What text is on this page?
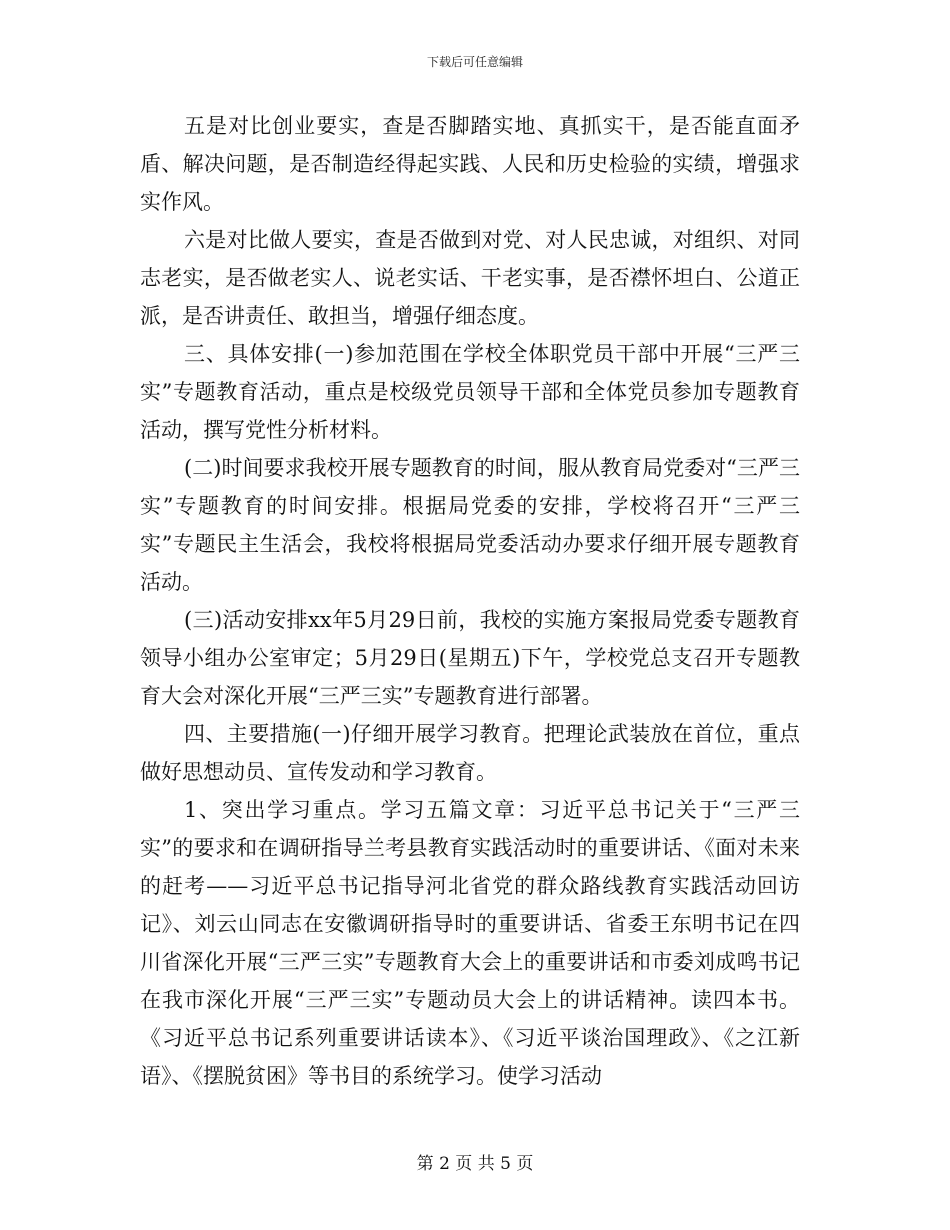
下载后可任意编辑

五是对比创业要实，查是否脚踏实地、真抓实干，是否能直面矛盾、解决问题，是否制造经得起实践、人民和历史检验的实绩，增强求实作风。

六是对比做人要实，查是否做到对党、对人民忠诚，对组织、对同志老实，是否做老实人、说老实话、干老实事，是否襟怀坦白、公道正派，是否讲责任、敢担当，增强仔细态度。

三、具体安排(一)参加范围在学校全体职党员干部中开展“三严三实”专题教育活动，重点是校级党员领导干部和全体党员参加专题教育活动，撰写党性分析材料。

(二)时间要求我校开展专题教育的时间，服从教育局党委对“三严三实”专题教育的时间安排。根据局党委的安排，学校将召开“三严三实”专题民主生活会，我校将根据局党委活动办要求仔细开展专题教育活动。

(三)活动安排xx年5月29日前，我校的实施方案报局党委专题教育领导小组办公室审定；5月29日(星期五)下午，学校党总支召开专题教育大会对深化开展“三严三实”专题教育进行部署。

四、主要措施(一)仔细开展学习教育。把理论武装放在首位，重点做好思想动员、宣传发动和学习教育。

1、突出学习重点。学习五篇文章：习近平总书记关于“三严三实”的要求和在调研指导兰考县教育实践活动时的重要讲话、《面对未来的赶考——习近平总书记指导河北省党的群众路线教育实践活动回访记》、刘云山同志在安徽调研指导时的重要讲话、省委王东明书记在四川省深化开展“三严三实”专题教育大会上的重要讲话和市委刘成鸣书记在我市深化开展“三严三实”专题动员大会上的讲话精神。读四本书。《习近平总书记系列重要讲话读本》、《习近平谈治国理政》、《之江新语》、《摆脱贫困》等书目的系统学习。使学习活动

第 2 页 共 5 页
